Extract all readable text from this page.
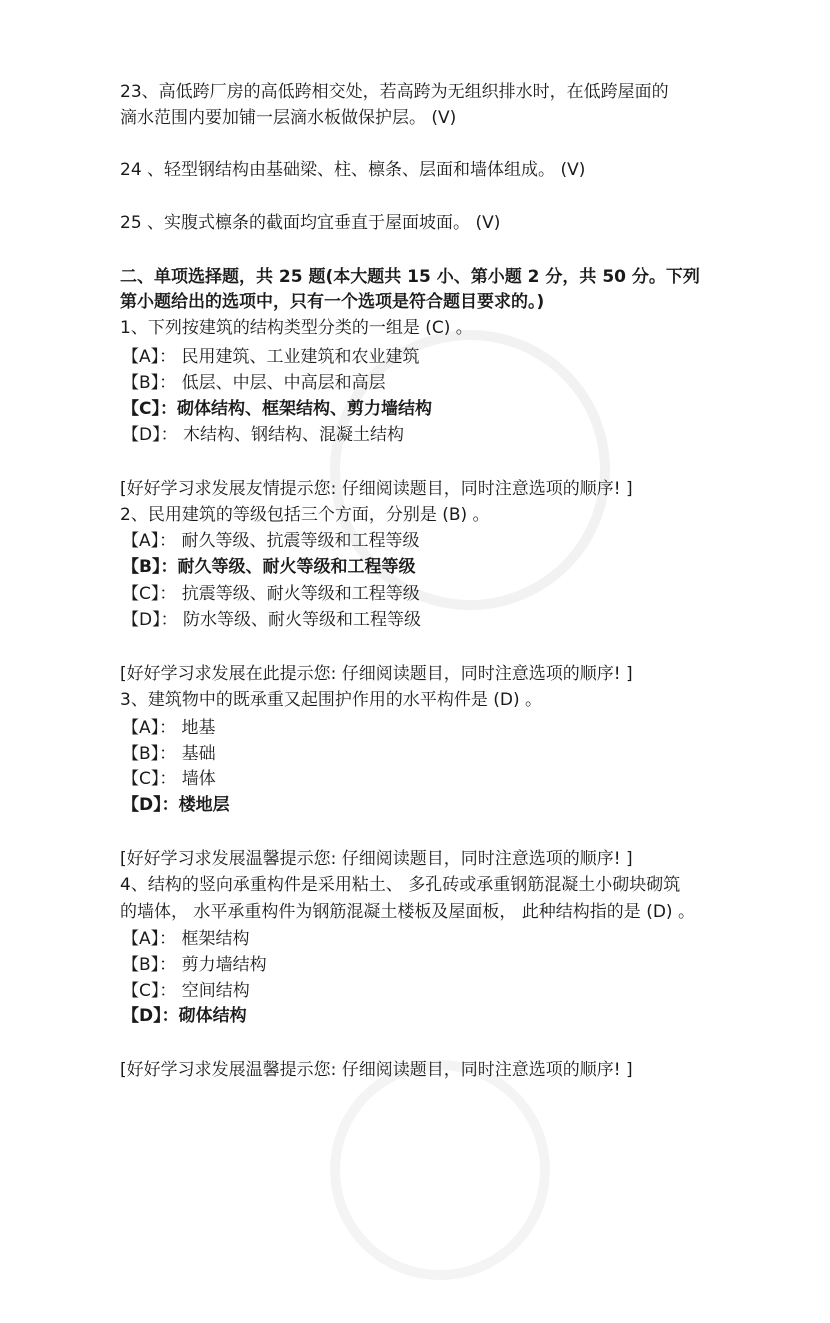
23、高低跨厂房的高低跨相交处，若高跨为无组织排水时，在低跨屋面的
滴水范围内要加铺一层滴水板做保护层。 (V)
24 、轻型钢结构由基础梁、柱、檩条、层面和墙体组成。 (V)
25 、实腹式檩条的截面均宜垂直于屋面坡面。 (V)
二、单项选择题，共 25 题(本大题共 15 小、第小题 2 分，共 50 分。下列
第小题给出的选项中，只有一个选项是符合题目要求的。)
1、下列按建筑的结构类型分类的一组是 (C) 。
【A】： 民用建筑、工业建筑和农业建筑
【B】： 低层、中层、中高层和高层
【C】：砌体结构、框架结构、剪力墙结构
【D】： 木结构、钢结构、混凝土结构
[好好学习求发展友情提示您: 仔细阅读题目，同时注意选项的顺序! ]
2、民用建筑的等级包括三个方面，分别是 (B) 。
【A】： 耐久等级、抗震等级和工程等级
【B】：耐久等级、耐火等级和工程等级
【C】： 抗震等级、耐火等级和工程等级
【D】： 防水等级、耐火等级和工程等级
[好好学习求发展在此提示您: 仔细阅读题目，同时注意选项的顺序! ]
3、建筑物中的既承重又起围护作用的水平构件是 (D) 。
【A】： 地基
【B】： 基础
【C】： 墙体
【D】：楼地层
[好好学习求发展温馨提示您: 仔细阅读题目，同时注意选项的顺序! ]
4、结构的竖向承重构件是采用粘土、 多孔砖或承重钢筋混凝土小砌块砌筑
的墙体， 水平承重构件为钢筋混凝土楼板及屋面板， 此种结构指的是 (D) 。
【A】： 框架结构
【B】： 剪力墙结构
【C】： 空间结构
【D】：砌体结构
[好好学习求发展温馨提示您: 仔细阅读题目，同时注意选项的顺序! ]
